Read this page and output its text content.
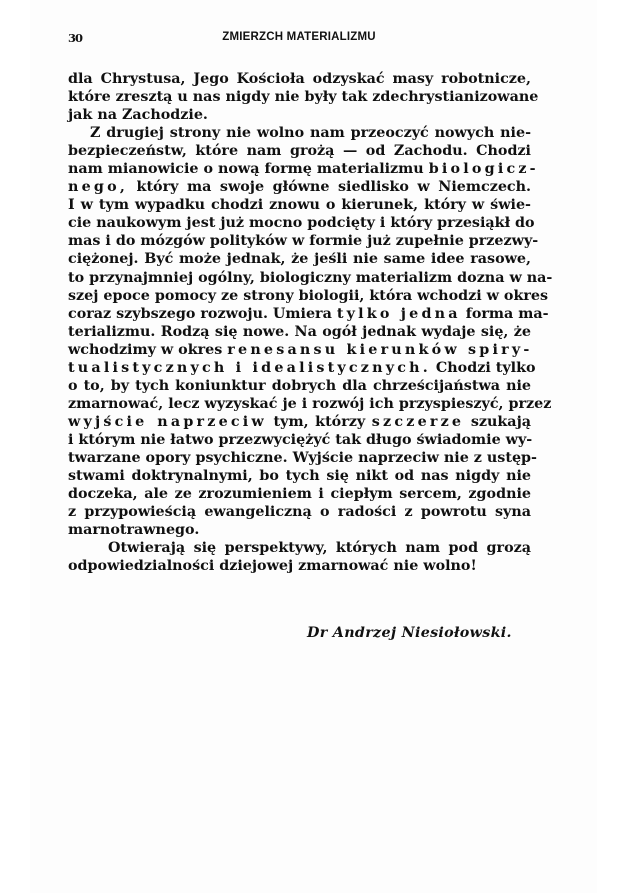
30	ZMIERZCH MATERIALIZMU
dla Chrystusa, Jego Kościoła odzyskać masy robotnicze,
które zresztą u nas nigdy nie były tak zdechrystianizowane
jak na Zachodzie.
Z drugiej strony nie wolno nam przeoczyć nowych nie-
bezpieczeństw, które nam grożą — od Zachodu. Chodzi
nam mianowicie o nową formę materializmu biologicz-
nego, który ma swoje główne siedlisko w Niemczech.
I w tym wypadku chodzi znowu o kierunek, który w świe-
cie naukowym jest już mocno podcięty i który przesiąkł do
mas i do mózgów polityków w formie już zupełnie przezwy-
ciężonej. Być może jednak, że jeśli nie same idee rasowe,
to przynajmniej ogólny, biologiczny materializm dozna w na-
szej epoce pomocy ze strony biologii, która wchodzi w okres
coraz szybszego rozwoju. Umiera tylko jedna forma ma-
terializmu. Rodzą się nowe. Na ogół jednak wydaje się, że
wchodzimy w okres renesansu kierunków spiry-
tualistycznych i idealistycznych. Chodzi tylko
o to, by tych koniunktur dobrych dla chrześcijaństwa nie
zmarnować, lecz wyzyskać je i rozwój ich przyspieszyć, przez
wyjście naprzeciw tym, którzy szczerze szukają
i którym nie łatwo przezwyciężyć tak długo świadomie wy-
twarzane opory psychiczne. Wyjście naprzeciw nie z ustęp-
stwami doktrynalnymi, bo tych się nikt od nas nigdy nie
doczeka, ale ze zrozumieniem i ciepłym sercem, zgodnie
z przypowieścią ewangeliczną o radości z powrotu syna
marnotrawnego.
Otwierają się perspektywy, których nam pod grozą
odpowiedzialności dziejowej zmarnować nie wolno!
Dr Andrzej Niesiołowski.
